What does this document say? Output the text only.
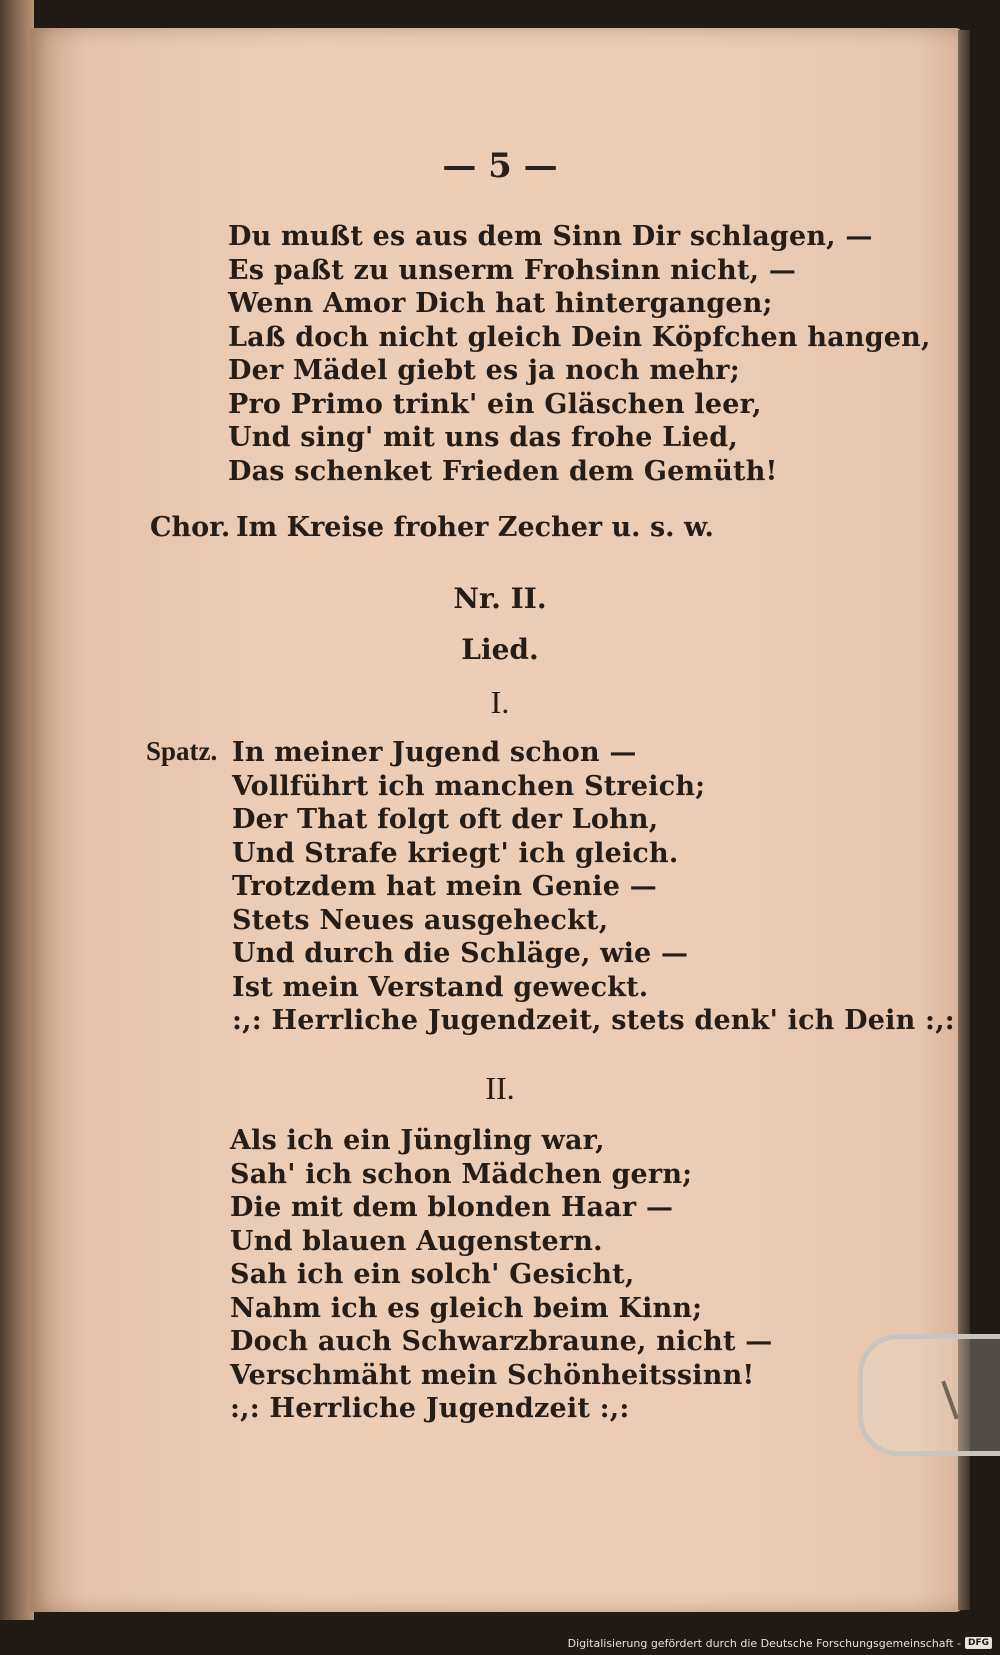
— 5 —
Du mußt es aus dem Sinn Dir schlagen, —
Es paßt zu unserm Frohsinn nicht, —
Wenn Amor Dich hat hintergangen;
Laß doch nicht gleich Dein Köpfchen hangen,
Der Mädel giebt es ja noch mehr;
Pro Primo trink' ein Gläschen leer,
Und sing' mit uns das frohe Lied,
Das schenket Frieden dem Gemüth!
Chor. Im Kreise froher Zecher u. s. w.
Nr. II.
Lied.
I.
Spatz. In meiner Jugend schon —
Vollführt ich manchen Streich;
Der That folgt oft der Lohn,
Und Strafe kriegt' ich gleich.
Trotzdem hat mein Genie —
Stets Neues ausgeheckt,
Und durch die Schläge, wie —
Ist mein Verstand geweckt.
:,: Herrliche Jugendzeit, stets denk' ich Dein :,:
II.
Als ich ein Jüngling war,
Sah' ich schon Mädchen gern;
Die mit dem blonden Haar —
Und blauen Augenstern.
Sah ich ein solch' Gesicht,
Nahm ich es gleich beim Kinn;
Doch auch Schwarzbraune, nicht —
Verschmäht mein Schönheitssinn!
:,: Herrliche Jugendzeit :,:
Digitalisierung gefördert durch die Deutsche Forschungsgemeinschaft - DFG
